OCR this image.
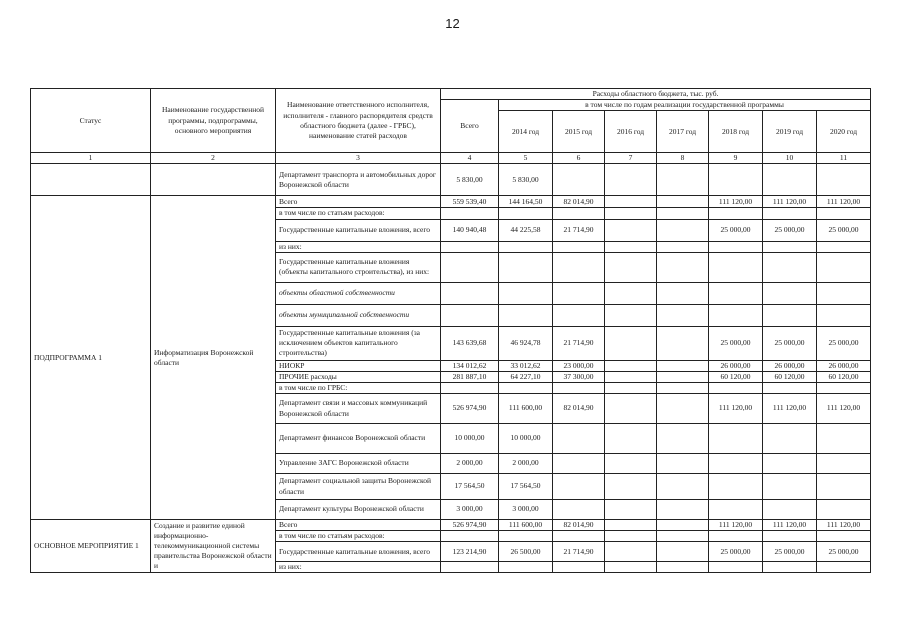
12
Статус	Наименование государственной программы, подпрограммы, основного мероприятия	Наименование ответственного исполнителя, исполнителя - главного распорядителя средств областного бюджета (далее - ГРБС), наименование статей расходов	Расходы областного бюджета, тыс. руб.							
			Всего	в том числе по годам реализации государственной программы						
				2014 год	2015 год	2016 год	2017 год	2018 год	2019 год	2020 год
1	2	3	4	5	6	7	8	9	10	11
		Департамент транспорта и автомобильных дорог Воронежской области	5 830,00	5 830,00						
ПОДПРОГРАММА 1	Информатизация Воронежской области	Всего	559 539,40	144 164,50	82 014,90			111 120,00	111 120,00	111 120,00
		в том числе по статьям расходов:								
		Государственные капитальные вложения, всего	140 940,48	44 225,58	21 714,90			25 000,00	25 000,00	25 000,00
		из них:								
		Государственные капитальные вложения (объекты капитального строительства), из них:								
		объекты областной собственности								
		объекты муниципальной собственности								
		Государственные капитальные вложения (за исключением объектов капитального строительства)	143 639,68	46 924,78	21 714,90			25 000,00	25 000,00	25 000,00
		НИОКР	134 012,62	33 012,62	23 000,00			26 000,00	26 000,00	26 000,00
		ПРОЧИЕ расходы	281 887,10	64 227,10	37 300,00			60 120,00	60 120,00	60 120,00
		в том числе по ГРБС:								
		Департамент связи и массовых коммуникаций Воронежской области	526 974,90	111 600,00	82 014,90			111 120,00	111 120,00	111 120,00
		Департамент финансов Воронежской области	10 000,00	10 000,00						
		Управление ЗАГС Воронежской области	2 000,00	2 000,00						
		Департамент социальной защиты Воронежской области	17 564,50	17 564,50						
		Департамент культуры Воронежской области	3 000,00	3 000,00						
ОСНОВНОЕ МЕРОПРИЯТИЕ 1	Создание и развитие единой информационно-телекоммуникационной системы правительства Воронежской области и	Всего	526 974,90	111 600,00	82 014,90			111 120,00	111 120,00	111 120,00
		в том числе по статьям расходов:								
		Государственные капитальные вложения, всего	123 214,90	26 500,00	21 714,90			25 000,00	25 000,00	25 000,00
		из них:								
